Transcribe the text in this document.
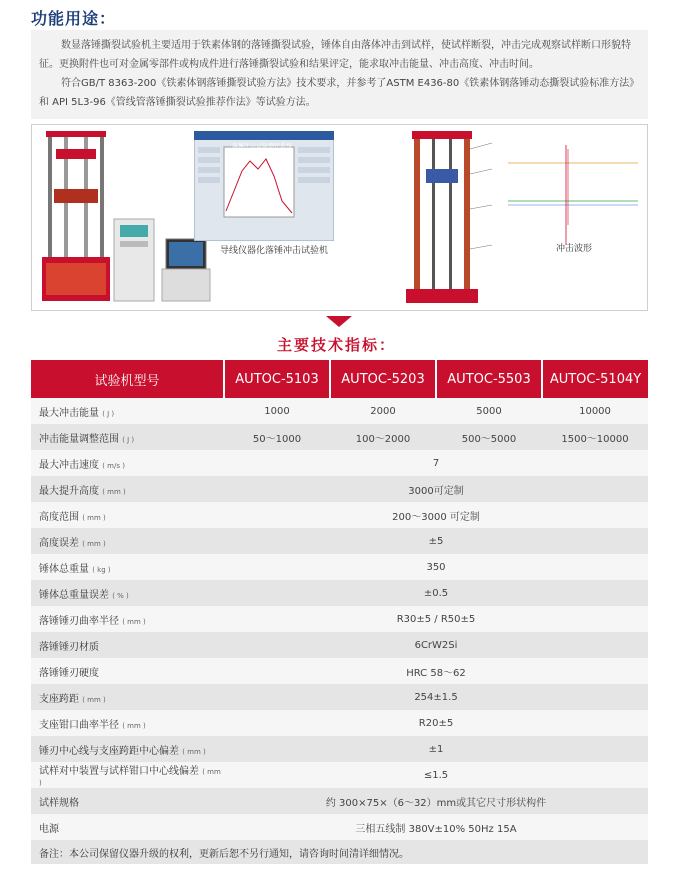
功能用途：

数显落锤撕裂试验机主要适用于铁素体钢的落锤撕裂试验，锤体自由落体冲击到试样，使试样断裂，冲击完成观察试样断口形貌特征。更换附件也可对金属零部件或构成件进行落锤撕裂试验和结果评定，能求取冲击能量、冲击高度、冲击时间。

符合GB/T 8363-200《铁素体钢落锤撕裂试验方法》技术要求，并参考了ASTM E436-80《铁素体钢落锤动态撕裂试验标准方法》和 API 5L3-96《管线管落锤撕裂试验推荐作法》等试验方法。

落锤冲击试验测控系统
导线仪器化落锤冲击试验机	冲击波形
主要技术指标：
试验机型号	AUTOC-5103	AUTOC-5203	AUTOC-5503	AUTOC-5104Y
最大冲击能量 ( J )	1000	2000	5000	10000
冲击能量调整范围 ( J )	50～1000	100～2000	500～5000	1500～10000
最大冲击速度 ( m/s )	7			
最大提升高度 ( mm )	3000可定制			
高度范围 ( mm )	200～3000 可定制			
高度误差 ( mm )	±5			
锤体总重量 ( kg )	350			
锤体总重量误差 ( % )	±0.5			
落锤锤刃曲率半径 ( mm )	R30±5 / R50±5			
落锤锤刃材质	6CrW2Si			
落锤锤刃硬度	HRC 58～62			
支座跨距 ( mm )	254±1.5			
支座钳口曲率半径 ( mm )	R20±5			
锤刃中心线与支座跨距中心偏差 ( mm )	±1			
试样对中装置与试样钳口中心线偏差 ( mm )	≤1.5			
试样规格	约 300×75×（6～32）mm或其它尺寸形状构件			
电源	三相五线制 380V±10% 50Hz 15A			
备注：本公司保留仪器升级的权利，更新后恕不另行通知，请咨询时间清详细情况。				
